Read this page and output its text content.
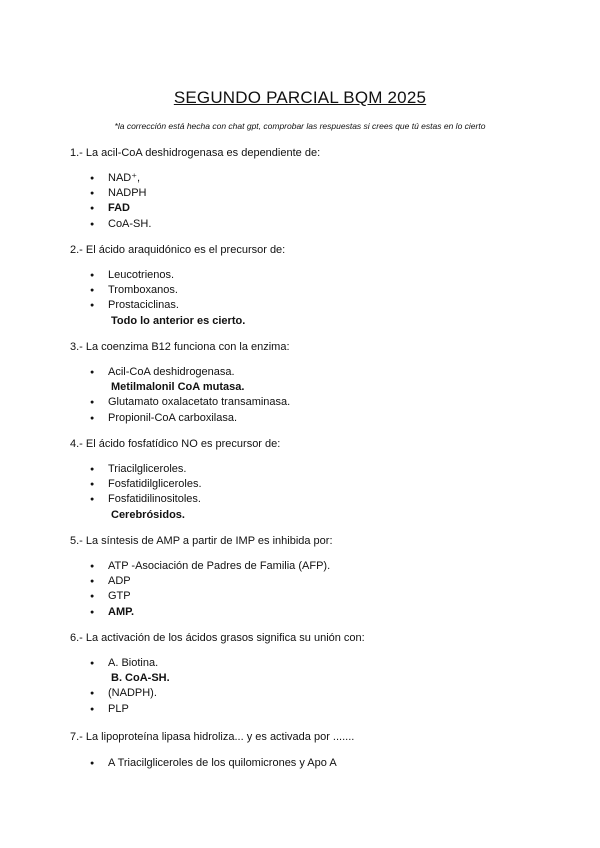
SEGUNDO PARCIAL BQM 2025
*la corrección está hecha con chat gpt, comprobar las respuestas si crees que tú estas en lo cierto
1.- La acil-CoA deshidrogenasa es dependiente de:
● NAD⁺,
● NADPH
● FAD
● CoA-SH.
2.- El ácido araquidónico es el precursor de:
● Leucotrienos.
● Tromboxanos.
● Prostaciclinas.
Todo lo anterior es cierto.
3.- La coenzima B12 funciona con la enzima:
● Acil-CoA deshidrogenasa.
Metilmalonil CoA mutasa.
● Glutamato oxalacetato transaminasa.
● Propionil-CoA carboxilasa.
4.- El ácido fosfatídico NO es precursor de:
● Triacilgliceroles.
● Fosfatidilgliceroles.
● Fosfatidilinositoles.
Cerebrósidos.
5.- La síntesis de AMP a partir de IMP es inhibida por:
● ATP -Asociación de Padres de Familia (AFP).
● ADP
● GTP
● AMP.
6.- La activación de los ácidos grasos significa su unión con:
● A. Biotina.
B. CoA-SH.
● (NADPH).
● PLP
7.- La lipoproteína lipasa hidroliza... y es activada por .......
● A Triacilgliceroles de los quilomicrones y Apo A
